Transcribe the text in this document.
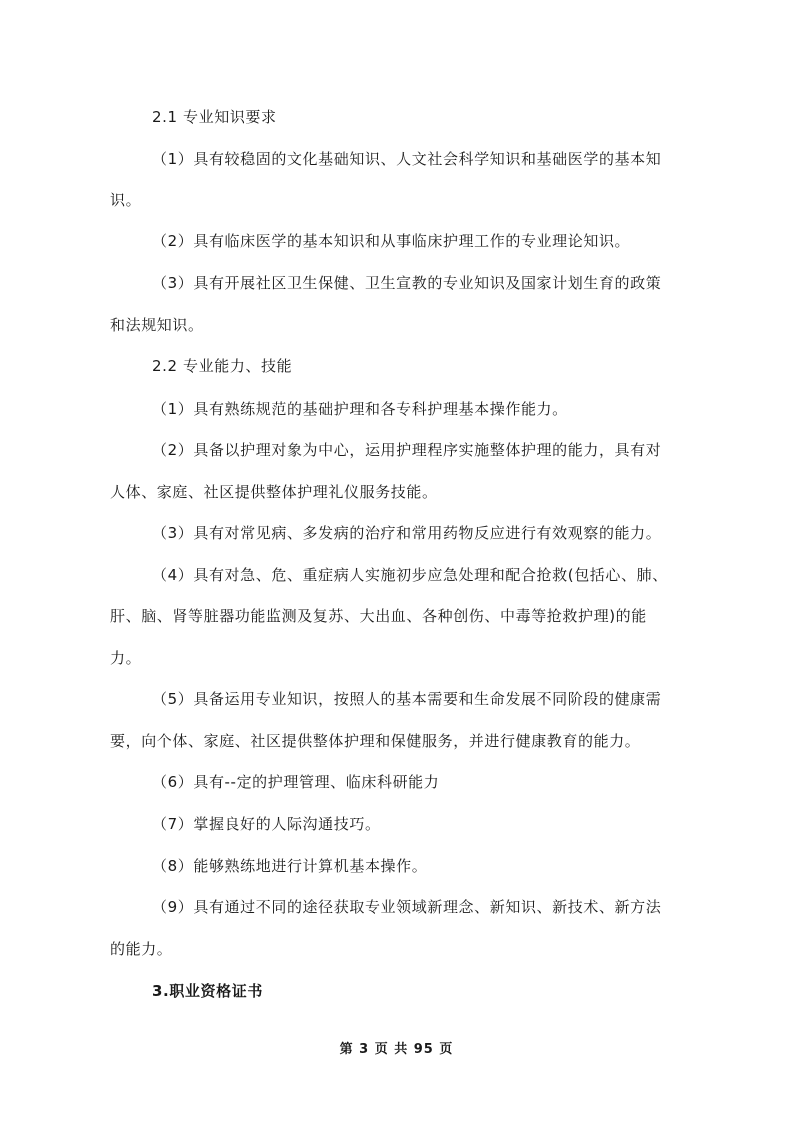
2.1 专业知识要求
（1）具有较稳固的文化基础知识、人文社会科学知识和基础医学的基本知
识。
（2）具有临床医学的基本知识和从事临床护理工作的专业理论知识。
（3）具有开展社区卫生保健、卫生宣教的专业知识及国家计划生育的政策
和法规知识。
2.2 专业能力、技能
（1）具有熟练规范的基础护理和各专科护理基本操作能力。
（2）具备以护理对象为中心，运用护理程序实施整体护理的能力，具有对
人体、家庭、社区提供整体护理礼仪服务技能。
（3）具有对常见病、多发病的治疗和常用药物反应进行有效观察的能力。
（4）具有对急、危、重症病人实施初步应急处理和配合抢救(包括心、肺、
肝、脑、肾等脏器功能监测及复苏、大出血、各种创伤、中毒等抢救护理)的能
力。
（5）具备运用专业知识，按照人的基本需要和生命发展不同阶段的健康需
要，向个体、家庭、社区提供整体护理和保健服务，并进行健康教育的能力。
（6）具有--定的护理管理、临床科研能力
（7）掌握良好的人际沟通技巧。
（8）能够熟练地进行计算机基本操作。
（9）具有通过不同的途径获取专业领域新理念、新知识、新技术、新方法
的能力。
3.职业资格证书
第 3 页 共 95 页
